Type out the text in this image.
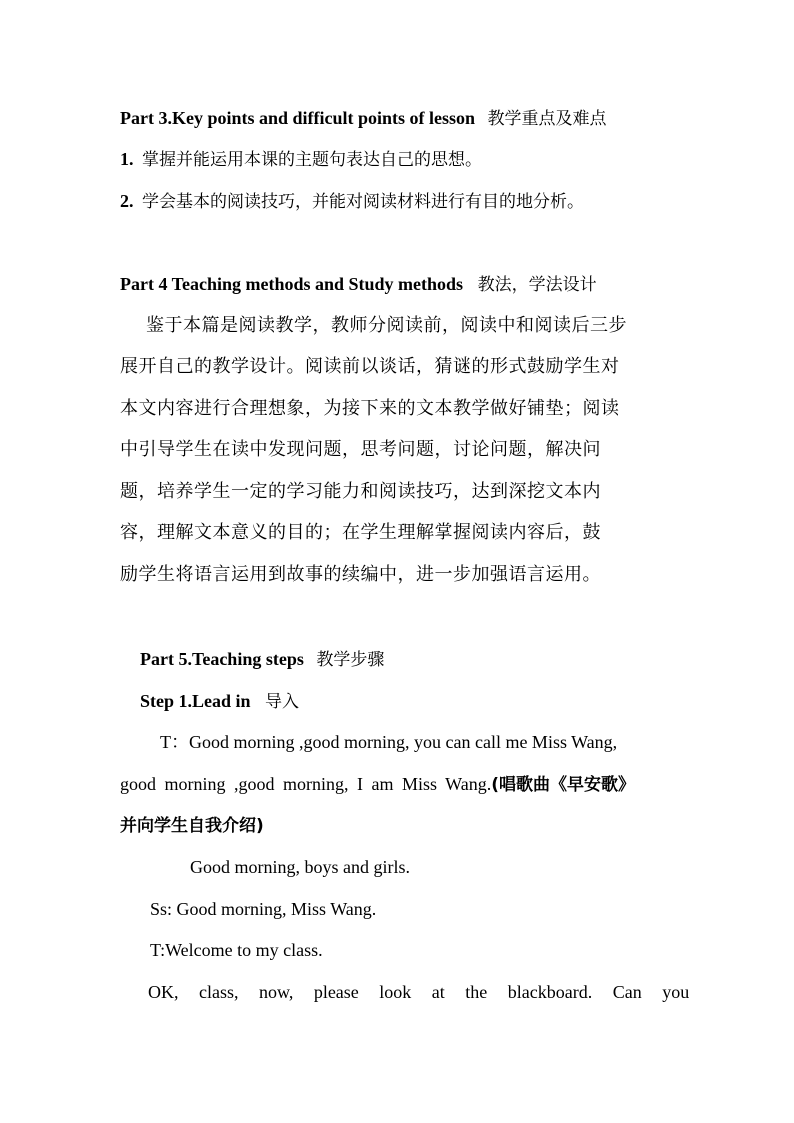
Part 3.Key points and difficult points of lesson 教学重点及难点
1. 掌握并能运用本课的主题句表达自己的思想。
2. 学会基本的阅读技巧，并能对阅读材料进行有目的地分析。
Part 4 Teaching methods and Study methods 教法，学法设计
鉴于本篇是阅读教学，教师分阅读前，阅读中和阅读后三步
展开自己的教学设计。阅读前以谈话，猜谜的形式鼓励学生对
本文内容进行合理想象，为接下来的文本教学做好铺垫；阅读
中引导学生在读中发现问题，思考问题，讨论问题，解决问
题，培养学生一定的学习能力和阅读技巧，达到深挖文本内
容，理解文本意义的目的；在学生理解掌握阅读内容后，鼓
励学生将语言运用到故事的续编中，进一步加强语言运用。
Part 5.Teaching steps 教学步骤
Step 1.Lead in 导入
T：Good morning ,good morning, you can call me Miss Wang,
good morning ,good morning, I am Miss Wang.(唱歌曲《早安歌》
并向学生自我介绍)
Good morning, boys and girls.
Ss: Good morning, Miss Wang.
T:Welcome to my class.
OK, class, now, please look at the blackboard. Can you
